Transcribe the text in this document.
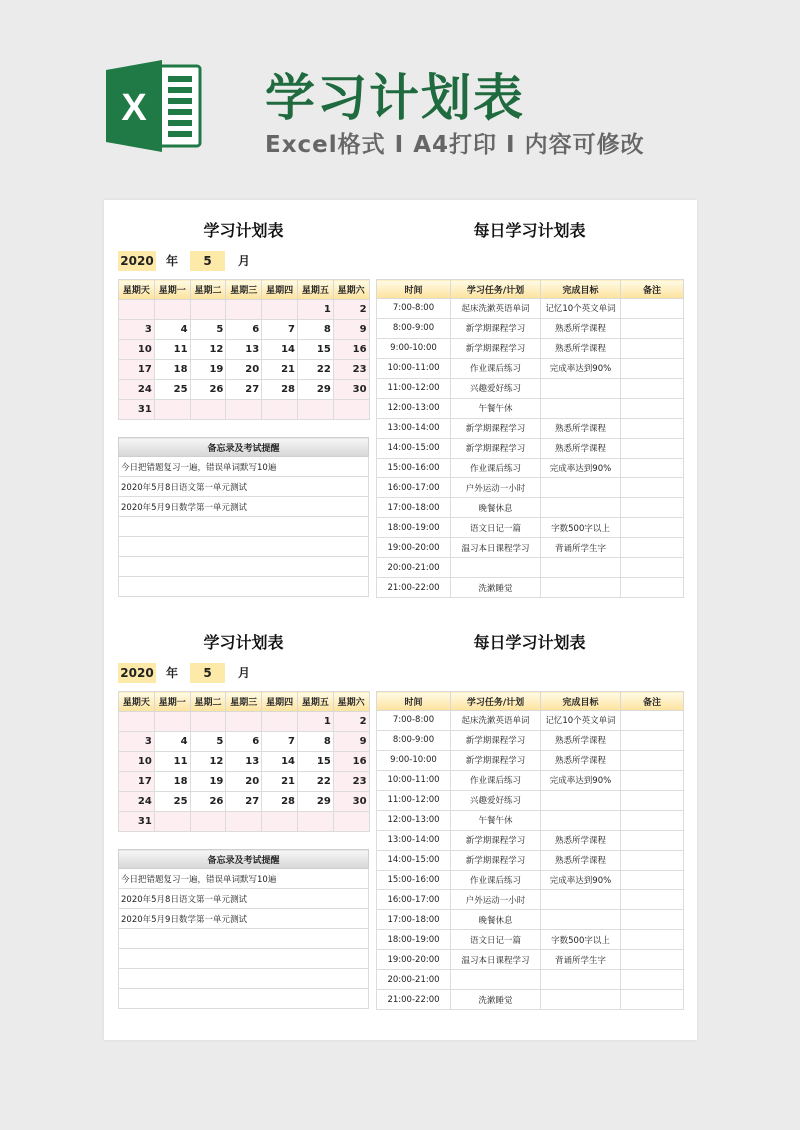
X 学习计划表
Excel格式 I A4打印 I 内容可修改
学习计划表	每日学习计划表
2020 年	5	月
星期天	星期一	星期二	星期三	星期四	星期五	星期六
					1	2
3	4	5	6	7	8	9
10	11	12	13	14	15	16
17	18	19	20	21	22	23
24	25	26	27	28	29	30
31						
备忘录及考试提醒
今日把错题复习一遍，错误单词默写10遍
2020年5月8日语文第一单元测试
2020年5月9日数学第一单元测试

时间	学习任务/计划	完成目标	备注
7:00-8:00	起床洗漱英语单词	记忆10个英文单词	
8:00-9:00	新学期课程学习	熟悉所学课程	
9:00-10:00	新学期课程学习	熟悉所学课程	
10:00-11:00	作业课后练习	完成率达到90%	
11:00-12:00	兴趣爱好练习		
12:00-13:00	午餐午休		
13:00-14:00	新学期课程学习	熟悉所学课程	
14:00-15:00	新学期课程学习	熟悉所学课程	
15:00-16:00	作业课后练习	完成率达到90%	
16:00-17:00	户外运动一小时		
17:00-18:00	晚餐休息		
18:00-19:00	语文日记一篇	字数500字以上	
19:00-20:00	温习本日课程学习	背诵所学生字	
20:00-21:00			
21:00-22:00	洗漱睡觉		
学习计划表	每日学习计划表
2020 年	5	月
星期天	星期一	星期二	星期三	星期四	星期五	星期六
					1	2
3	4	5	6	7	8	9
10	11	12	13	14	15	16
17	18	19	20	21	22	23
24	25	26	27	28	29	30
31						
备忘录及考试提醒
今日把错题复习一遍，错误单词默写10遍
2020年5月8日语文第一单元测试
2020年5月9日数学第一单元测试

时间	学习任务/计划	完成目标	备注
7:00-8:00	起床洗漱英语单词	记忆10个英文单词	
8:00-9:00	新学期课程学习	熟悉所学课程	
9:00-10:00	新学期课程学习	熟悉所学课程	
10:00-11:00	作业课后练习	完成率达到90%	
11:00-12:00	兴趣爱好练习		
12:00-13:00	午餐午休		
13:00-14:00	新学期课程学习	熟悉所学课程	
14:00-15:00	新学期课程学习	熟悉所学课程	
15:00-16:00	作业课后练习	完成率达到90%	
16:00-17:00	户外运动一小时		
17:00-18:00	晚餐休息		
18:00-19:00	语文日记一篇	字数500字以上	
19:00-20:00	温习本日课程学习	背诵所学生字	
20:00-21:00			
21:00-22:00	洗漱睡觉		
